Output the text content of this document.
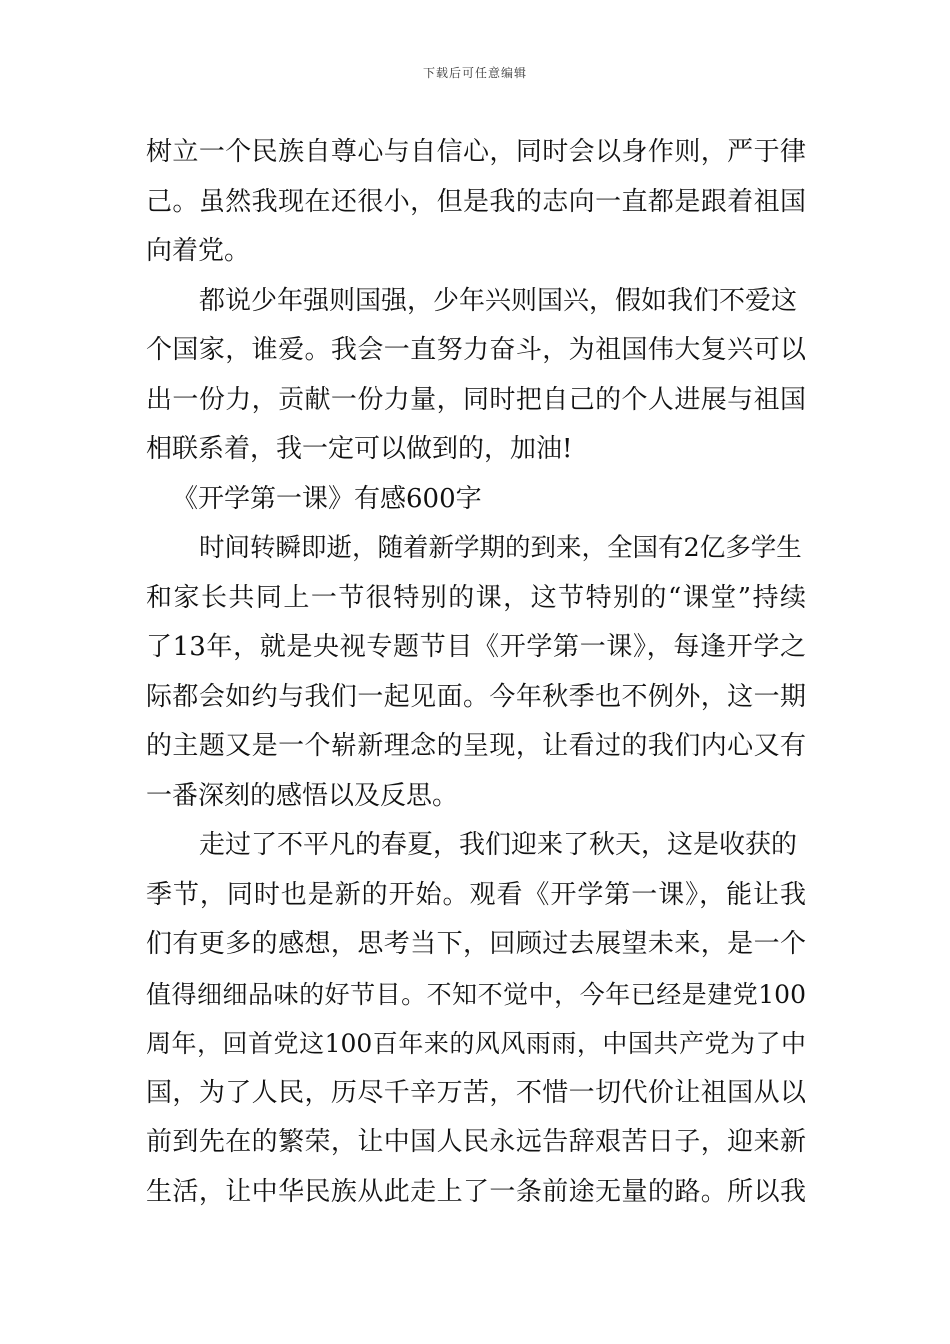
下载后可任意编辑
树立一个民族自尊心与自信心，同时会以身作则，严于律
己。虽然我现在还很小，但是我的志向一直都是跟着祖国
向着党。
都说少年强则国强，少年兴则国兴，假如我们不爱这
个国家，谁爱。我会一直努力奋斗，为祖国伟大复兴可以
出一份力，贡献一份力量，同时把自己的个人进展与祖国
相联系着，我一定可以做到的，加油!
《开学第一课》有感600字
时间转瞬即逝，随着新学期的到来，全国有2亿多学生
和家长共同上一节很特别的课，这节特别的“课堂”持续
了13年，就是央视专题节目《开学第一课》，每逢开学之
际都会如约与我们一起见面。今年秋季也不例外，这一期
的主题又是一个崭新理念的呈现，让看过的我们内心又有
一番深刻的感悟以及反思。
走过了不平凡的春夏，我们迎来了秋天，这是收获的
季节，同时也是新的开始。观看《开学第一课》，能让我
们有更多的感想，思考当下，回顾过去展望未来，是一个
值得细细品味的好节目。不知不觉中，今年已经是建党100
周年，回首党这100百年来的风风雨雨，中国共产党为了中
国，为了人民，历尽千辛万苦，不惜一切代价让祖国从以
前到先在的繁荣，让中国人民永远告辞艰苦日子，迎来新
生活，让中华民族从此走上了一条前途无量的路。所以我
